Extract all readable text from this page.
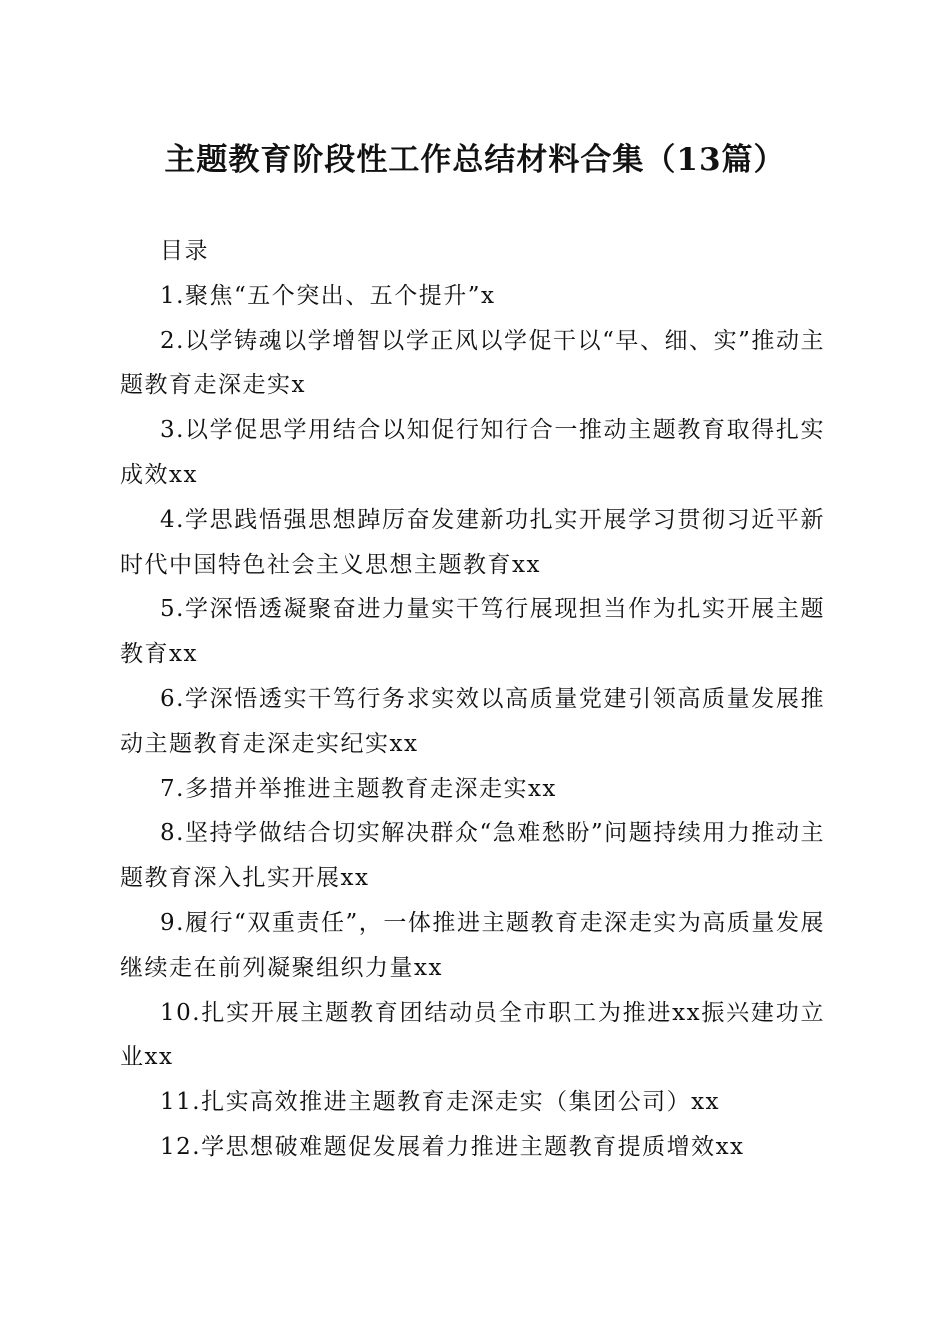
主题教育阶段性工作总结材料合集（13篇）

目录

1.聚焦“五个突出、五个提升”x
2.以学铸魂以学增智以学正风以学促干以“早、细、实”推动主题教育走深走实x
3.以学促思学用结合以知促行知行合一推动主题教育取得扎实成效xx
4.学思践悟强思想踔厉奋发建新功扎实开展学习贯彻习近平新时代中国特色社会主义思想主题教育xx
5.学深悟透凝聚奋进力量实干笃行展现担当作为扎实开展主题教育xx
6.学深悟透实干笃行务求实效以高质量党建引领高质量发展推动主题教育走深走实纪实xx
7.多措并举推进主题教育走深走实xx
8.坚持学做结合切实解决群众“急难愁盼”问题持续用力推动主题教育深入扎实开展xx
9.履行“双重责任”，一体推进主题教育走深走实为高质量发展继续走在前列凝聚组织力量xx
10.扎实开展主题教育团结动员全市职工为推进xx振兴建功立业xx
11.扎实高效推进主题教育走深走实（集团公司）xx
12.学思想破难题促发展着力推进主题教育提质增效xx
